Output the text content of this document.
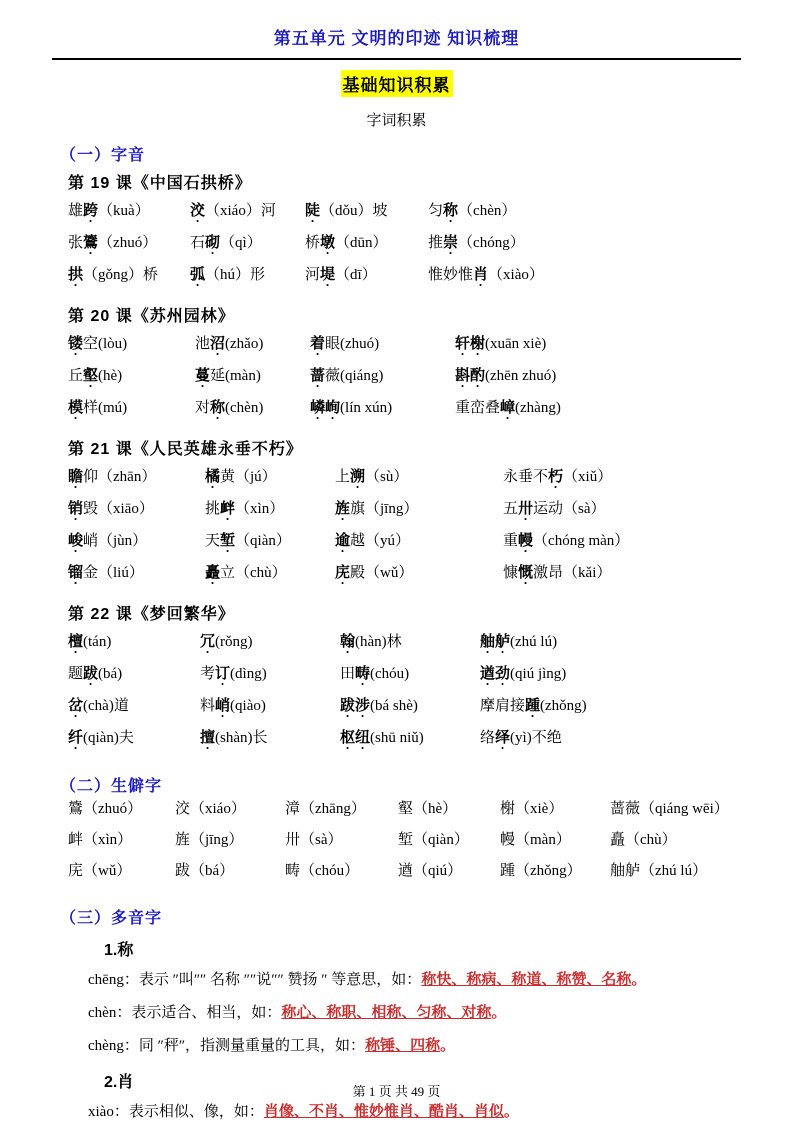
第五单元 文明的印迹 知识梳理
基础知识积累
字词积累
（一）字音
第 19 课《中国石拱桥》
雄跨（kuà）	洨（xiáo）河	陡（dǒu）坡	匀称（chèn）
张鷟（zhuó）	石砌（qì）	桥墩（dūn）	推崇（chóng）
拱（gǒng）桥	弧（hú）形	河堤（dī）	惟妙惟肖（xiào）
第 20 课《苏州园林》
镂空(lòu)	池沼(zhǎo)	着眼(zhuó)	轩榭(xuān xiè)
丘壑(hè)	蔓延(màn)	蔷薇(qiáng)	斟酌(zhēn zhuó)
模样(mú)	对称(chèn)	嶙峋(lín xún)	重峦叠嶂(zhàng)
第 21 课《人民英雄永垂不朽》
瞻仰（zhān）	橘黄（jú）	上溯（sù）	永垂不朽（xiǔ）
销毁（xiāo）	挑衅（xìn）	旌旗（jīng）	五卅运动（sà）
峻峭（jùn）	天堑（qiàn）	逾越（yú）	重幔（chóng màn）
镏金（liú）	矗立（chù）	庑殿（wǔ）	慷慨激昂（kǎi）
第 22 课《梦回繁华》
檀(tán)	冗(rǒng)	翰(hàn)林	舳舻(zhú lú)
题跋(bá)	考订(dìng)	田畴(chóu)	遒劲(qiú jìng)
岔(chà)道	料峭(qiào)	跋涉(bá shè)	摩肩接踵(zhǒng)
纤(qiàn)夫	擅(shàn)长	枢纽(shū niǔ)	络绎(yì)不绝
（二）生僻字
鷟（zhuó）	洨（xiáo）	漳（zhāng）	壑（hè）	榭（xiè）	蔷薇（qiáng wēi）
衅（xìn）	旌（jīng）	卅（sà）	堑（qiàn）	幔（màn）	矗（chù）
庑（wǔ）	跋（bá）	畴（chóu）	遒（qiú）	踵（zhǒng）	舳舻（zhú lú）
（三）多音字
1.称
chēng：表示 ″叫″″ 名称 ″″说″″ 赞扬 ″ 等意思，如：称快、称病、称道、称赞、名称。
chèn：表示适合、相当，如：称心、称职、相称、匀称、对称。
chèng：同 ″秤″，指测量重量的工具，如：称锤、四称。
2.肖
xiào：表示相似、像，如：肖像、不肖、惟妙惟肖、酷肖、肖似。
第 1 页 共 49 页
